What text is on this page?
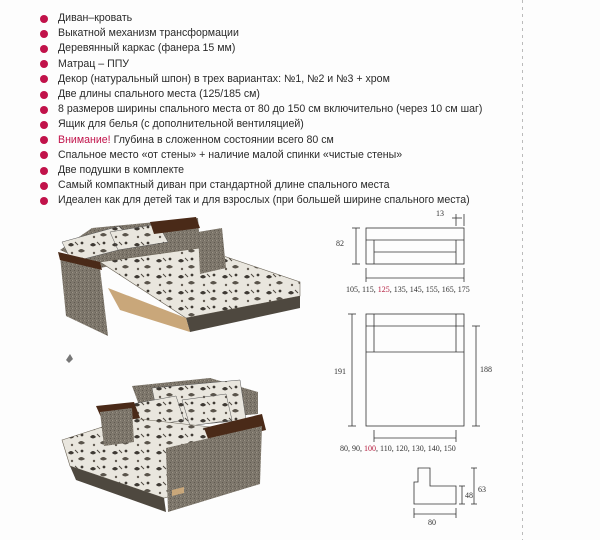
Диван–кровать
Выкатной механизм трансформации
Деревянный каркас (фанера 15 мм)
Матрац – ППУ
Декор (натуральный шпон) в трех вариантах: №1, №2 и №3 + хром
Две длины спального места (125/185 см)
8 размеров ширины спального места от 80 до 150 см включительно (через 10 см шаг)
Ящик для белья (с дополнительной вентиляцией)
Внимание! Глубина в сложенном состоянии всего 80 см
Спальное место «от стены» + наличие малой спинки «чистые стены»
Две подушки в комплекте
Самый компактный диван при стандартной длине спального места
Идеален как для детей так и для взрослых (при большей ширине спального места)
82
13
105, 115, 125, 135, 145, 155, 165, 175
191	188
80, 90, 100, 110, 120, 130, 140, 150
48
63
80
